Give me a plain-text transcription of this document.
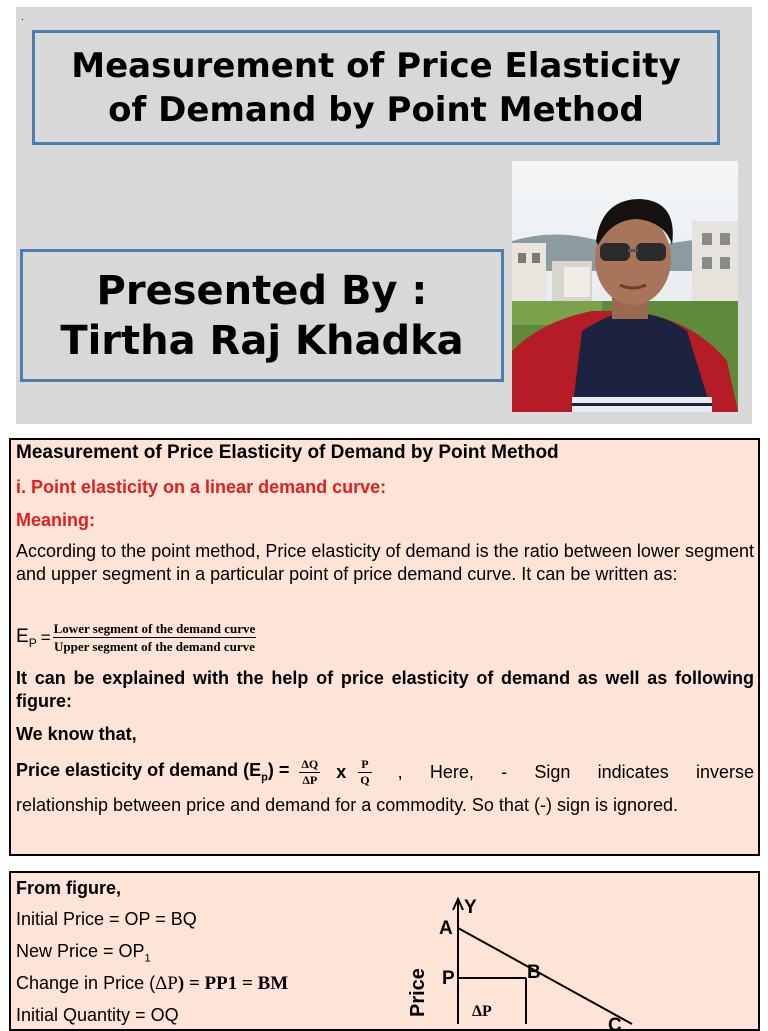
.
Measurement of Price Elasticity
of Demand by Point Method
Presented By :
Tirtha Raj Khadka
Measurement of Price Elasticity of Demand by Point Method
i. Point elasticity on a linear demand curve:
Meaning:
According to the point method, Price elasticity of demand is the ratio between lower segment and upper segment in a particular point of price demand curve. It can be written as:
$E_P$ = Lower segment of the demand curve
Upper segment of the demand curve
It can be explained with the help of price elasticity of demand as well as following figure:
We know that,
Price elasticity of demand $(E_p) = \frac{\Delta Q}{\Delta P}$ x P
Q , Here, - Sign indicates inverse
relationship between price and demand for a commodity. So that (-) sign is ignored.
From figure,
Initial Price = OP = BQ
New Price = $OP_1$
Change in Price (ΔP) = PP1 = BM
Initial Quantity = OQ
A
Y
P	B
C
ΔP
Price
